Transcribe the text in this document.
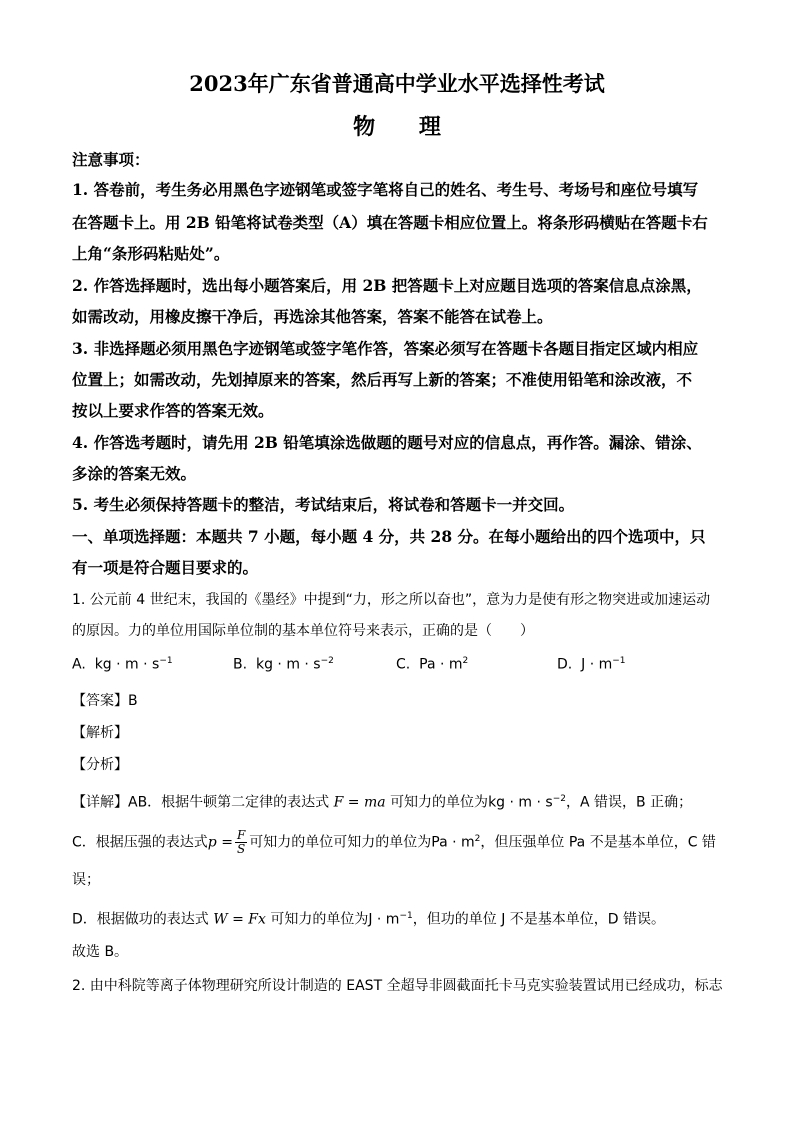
2023年广东省普通高中学业水平选择性考试
物 理
注意事项：
1. 答卷前，考生务必用黑色字迹钢笔或签字笔将自己的姓名、考生号、考场号和座位号填写
在答题卡上。用 2B 铅笔将试卷类型（A）填在答题卡相应位置上。将条形码横贴在答题卡右
上角“条形码粘贴处”。
2. 作答选择题时，选出每小题答案后，用 2B 把答题卡上对应题目选项的答案信息点涂黑，
如需改动，用橡皮擦干净后，再选涂其他答案，答案不能答在试卷上。
3. 非选择题必须用黑色字迹钢笔或签字笔作答，答案必须写在答题卡各题目指定区域内相应
位置上；如需改动，先划掉原来的答案，然后再写上新的答案；不准使用铅笔和涂改液，不
按以上要求作答的答案无效。
4. 作答选考题时，请先用 2B 铅笔填涂选做题的题号对应的信息点，再作答。漏涂、错涂、
多涂的答案无效。
5. 考生必须保持答题卡的整洁，考试结束后，将试卷和答题卡一并交回。
一、单项选择题：本题共 7 小题，每小题 4 分，共 28 分。在每小题给出的四个选项中，只
有一项是符合题目要求的。
1. 公元前 4 世纪末，我国的《墨经》中提到“力，形之所以奋也”，意为力是使有形之物突进或加速运动
的原因。力的单位用国际单位制的基本单位符号来表示，正确的是（　　）
A. kg · $m \cdot s^{-1}$	B. kg · $m \cdot s^{-2}$	C. $Pa \cdot m^2$	D. $J \cdot m^{-1}$
【答案】B
【解析】
【分析】
【详解】AB．根据牛顿第二定律的表达式 F = ma 可知力的单位为kg · $m \cdot s^{-2}$，A 错误，B 正确；
C．根据压强的表达式$p = \frac{F}{S}$ 可知力的单位可知力的单位为$Pa \cdot m^2$，但压强单位 Pa 不是基本单位，C 错
误；
D．根据做功的表达式 W = Fx 可知力的单位为$J \cdot m^{-1}$，但功的单位 J 不是基本单位，D 错误。
故选 B。
2. 由中科院等离子体物理研究所设计制造的 EAST 全超导非圆截面托卡马克实验装置试用已经成功，标志
